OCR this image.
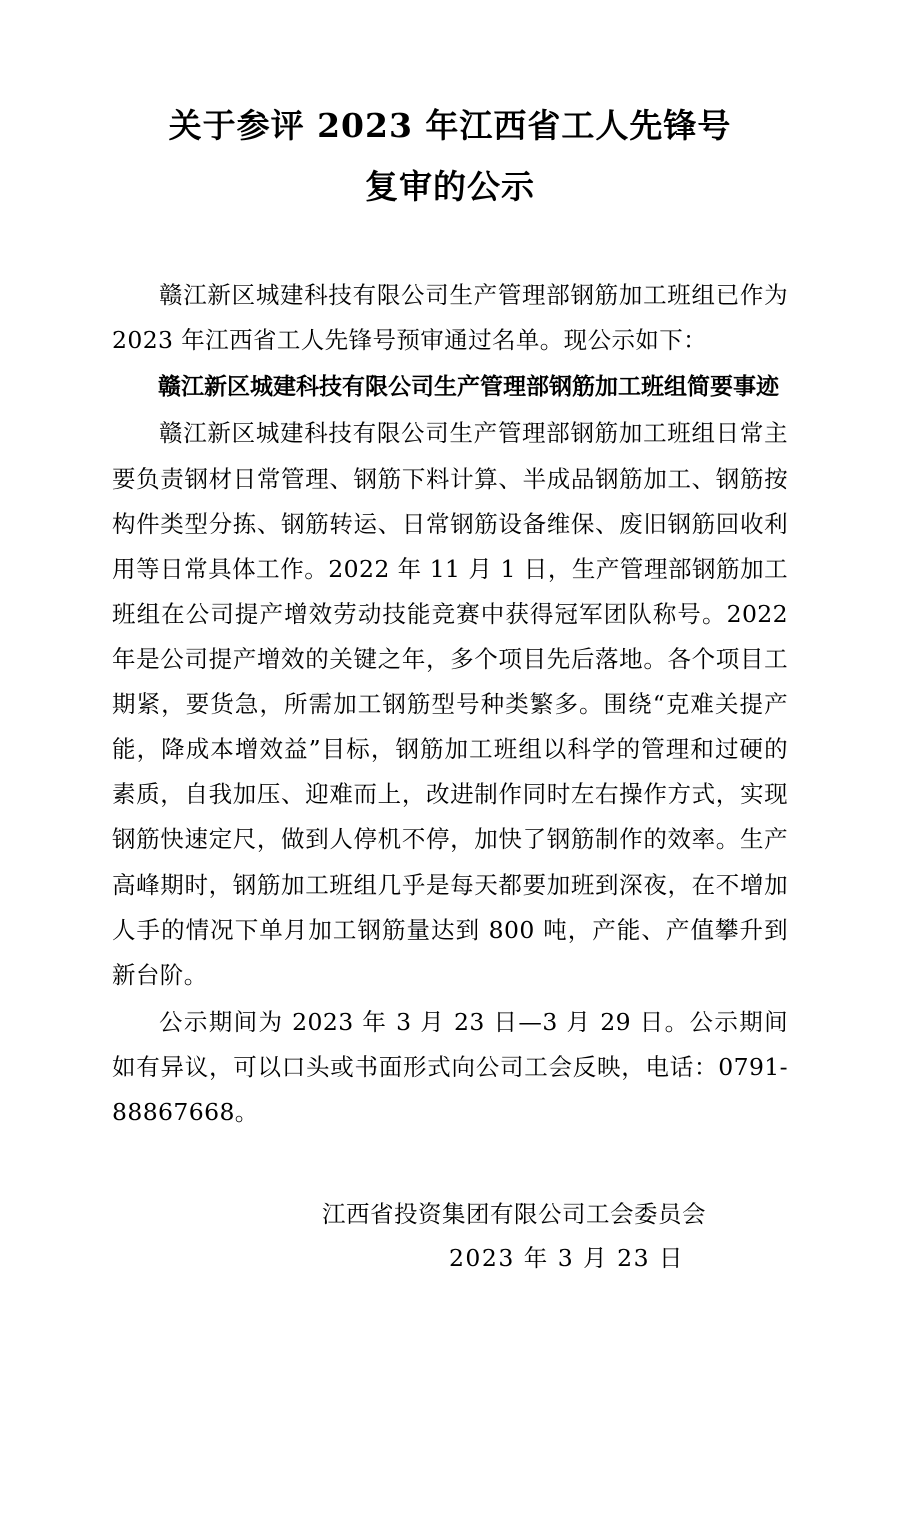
关于参评 2023 年江西省工人先锋号
复审的公示

赣江新区城建科技有限公司生产管理部钢筋加工班组已作为 2023 年江西省工人先锋号预审通过名单。现公示如下：

赣江新区城建科技有限公司生产管理部钢筋加工班组简要事迹

赣江新区城建科技有限公司生产管理部钢筋加工班组日常主要负责钢材日常管理、钢筋下料计算、半成品钢筋加工、钢筋按构件类型分拣、钢筋转运、日常钢筋设备维保、废旧钢筋回收利用等日常具体工作。2022 年 11 月 1 日，生产管理部钢筋加工班组在公司提产增效劳动技能竞赛中获得冠军团队称号。2022 年是公司提产增效的关键之年，多个项目先后落地。各个项目工期紧，要货急，所需加工钢筋型号种类繁多。围绕“克难关提产能，降成本增效益”目标，钢筋加工班组以科学的管理和过硬的素质，自我加压、迎难而上，改进制作同时左右操作方式，实现钢筋快速定尺，做到人停机不停，加快了钢筋制作的效率。生产高峰期时，钢筋加工班组几乎是每天都要加班到深夜，在不增加人手的情况下单月加工钢筋量达到 800 吨，产能、产值攀升到新台阶。

公示期间为 2023 年 3 月 23 日—3 月 29 日。公示期间如有异议，可以口头或书面形式向公司工会反映，电话：0791-88867668。

江西省投资集团有限公司工会委员会
2023 年 3 月 23 日
